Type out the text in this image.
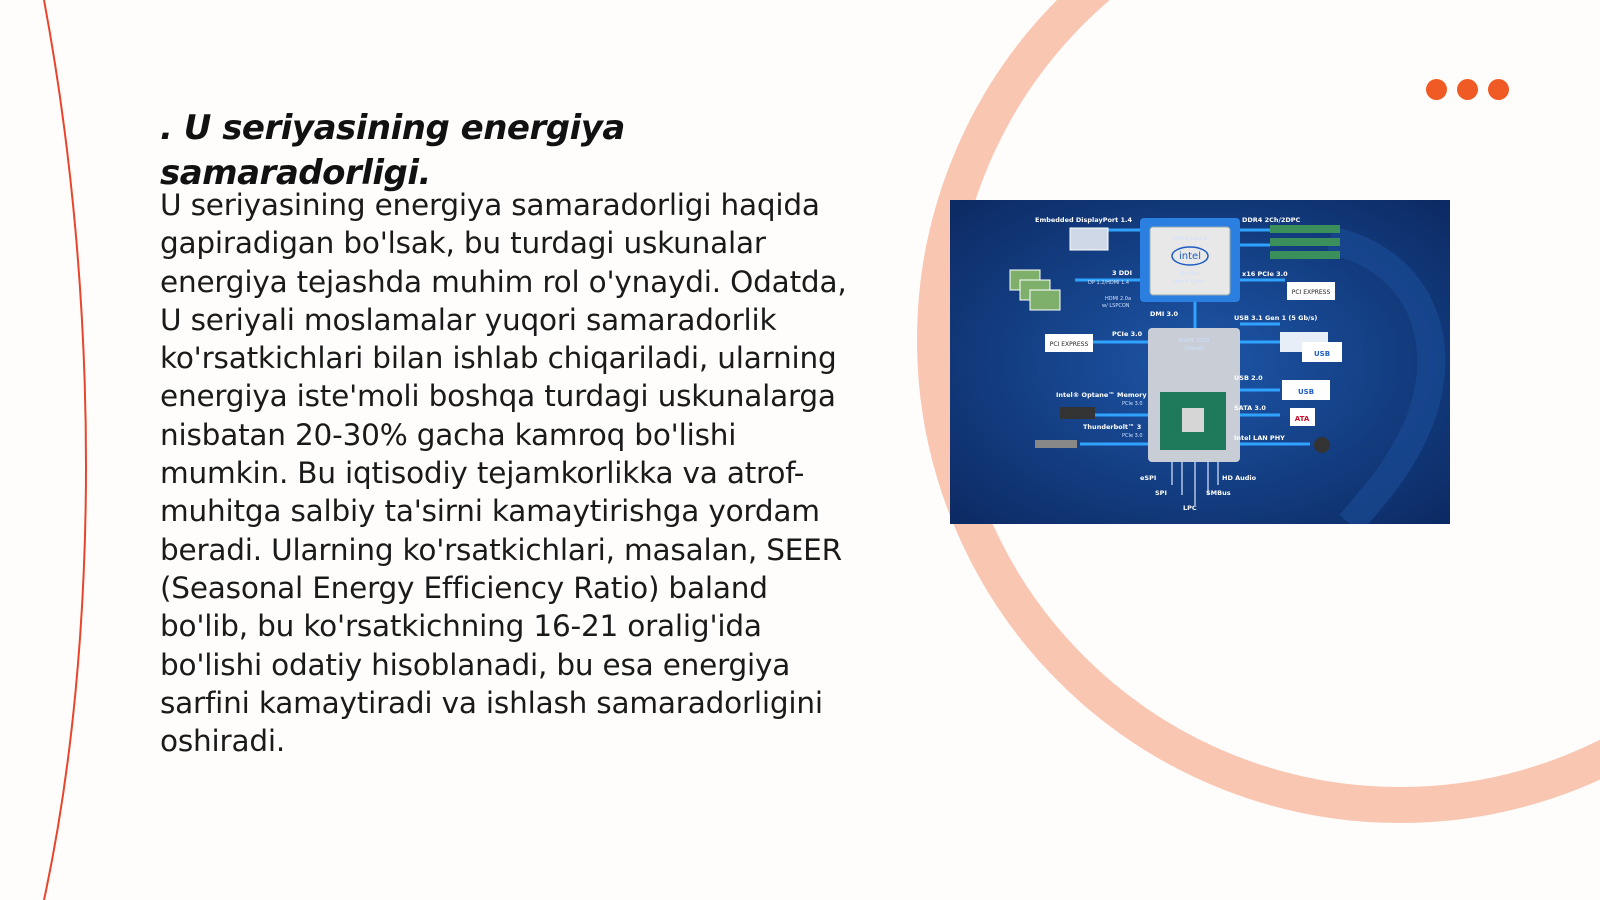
. U seriyasining energiya samaradorligi.

U seriyasining energiya samaradorligi haqida gapiradigan bo'lsak, bu turdagi uskunalar energiya tejashda muhim rol o'ynaydi. Odatda, U seriyali moslamalar yuqori samaradorlik ko'rsatkichlari bilan ishlab chiqariladi, ularning energiya iste'moli boshqa turdagi uskunalarga nisbatan 20-30% gacha kamroq bo'lishi mumkin. Bu iqtisodiy tejamkorlikka va atrof-muhitga salbiy ta'sirni kamaytirishga yordam beradi. Ularning ko'rsatkichlari, masalan, SEER (Seasonal Energy Efficiency Ratio) baland bo'lib, bu ko'rsatkichning 16-21 oralig'ida bo'lishi odatiy hisoblanadi, bu esa energiya sarfini kamaytiradi va ishlash samaradorligini oshiradi.

Coffee Lake-S
intel
8th Gen
Intel® Core™
Intel® Z370
Chipset
PCI EXPRESS
PCI EXPRESS
USB
USB
ATA
Embedded DisplayPort 1.4	DDR4 2Ch/2DPC
3 DDI
DP 1.2/HDMI 1.4
HDMI 2.0a
w/ LSPCON
x16 PCIe 3.0
DMI 3.0	USB 3.1 Gen 1 (5 Gb/s)
PCIe 3.0
USB 2.0
Intel® Optane™ Memory
PCIe 3.0	SATA 3.0
Thunderbolt™ 3
PCIe 3.0	Intel LAN PHY
eSPI	HD Audio
SPI	SMBus
LPC
